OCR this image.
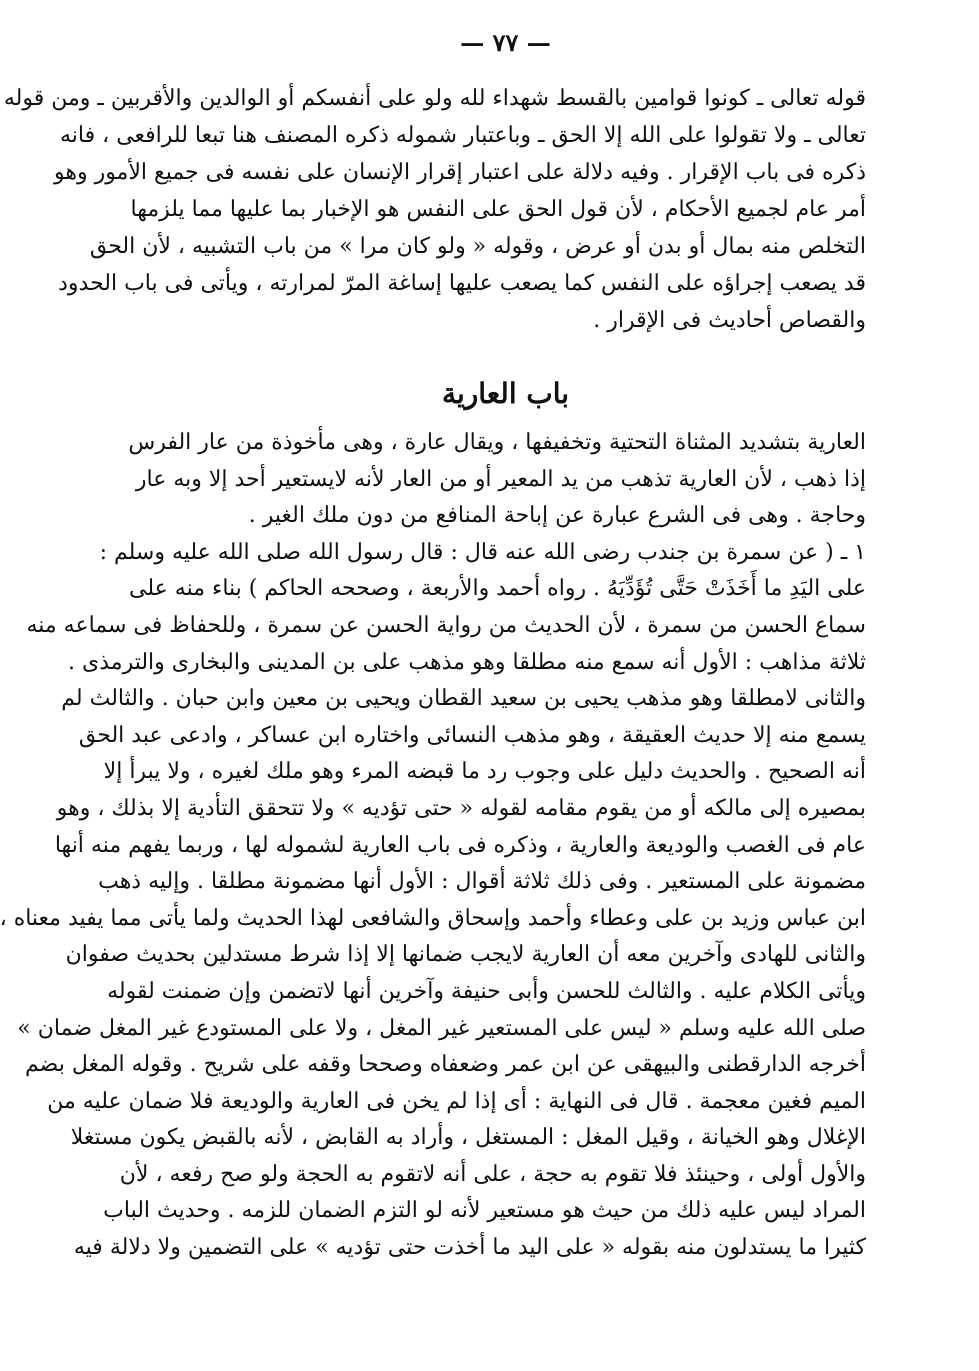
— ٧٧ —
قوله تعالى ـ كونوا قوامين بالقسط شهداء لله ولو على أنفسكم أو الوالدين والأقربين ـ ومن قوله
تعالى ـ ولا تقولوا على الله إلا الحق ـ وباعتبار شموله ذكره المصنف هنا تبعا للرافعى ، فانه
ذكره فى باب الإقرار . وفيه دلالة على اعتبار إقرار الإنسان على نفسه فى جميع الأمور وهو
أمر عام لجميع الأحكام ، لأن قول الحق على النفس هو الإخبار بما عليها مما يلزمها
التخلص منه بمال أو بدن أو عرض ، وقوله « ولو كان مرا » من باب التشبيه ، لأن الحق
قد يصعب إجراؤه على النفس كما يصعب عليها إساغة المرّ لمرارته ، ويأتى فى باب الحدود
والقصاص أحاديث فى الإقرار .
باب العارية
العارية بتشديد المثناة التحتية وتخفيفها ، ويقال عارة ، وهى مأخوذة من عار الفرس
إذا ذهب ، لأن العارية تذهب من يد المعير أو من العار لأنه لايستعير أحد إلا وبه عار
وحاجة . وهى فى الشرع عبارة عن إباحة المنافع من دون ملك الغير .
١ ـ ( عن سمرة بن جندب رضى الله عنه قال : قال رسول الله صلى الله عليه وسلم :
على اليَدِ ما أَخَذَتْ حَتَّى تُؤَدِّيَهُ . رواه أحمد والأربعة ، وصححه الحاكم ) بناء منه على
سماع الحسن من سمرة ، لأن الحديث من رواية الحسن عن سمرة ، وللحفاظ فى سماعه منه
ثلاثة مذاهب : الأول أنه سمع منه مطلقا وهو مذهب على بن المدينى والبخارى والترمذى .
والثانى لامطلقا وهو مذهب يحيى بن سعيد القطان ويحيى بن معين وابن حبان . والثالث لم
يسمع منه إلا حديث العقيقة ، وهو مذهب النسائى واختاره ابن عساكر ، وادعى عبد الحق
أنه الصحيح . والحديث دليل على وجوب رد ما قبضه المرء وهو ملك لغيره ، ولا يبرأ إلا
بمصيره إلى مالكه أو من يقوم مقامه لقوله « حتى تؤديه » ولا تتحقق التأدية إلا بذلك ، وهو
عام فى الغصب والوديعة والعارية ، وذكره فى باب العارية لشموله لها ، وربما يفهم منه أنها
مضمونة على المستعير . وفى ذلك ثلاثة أقوال : الأول أنها مضمونة مطلقا . وإليه ذهب
ابن عباس وزيد بن على وعطاء وأحمد وإسحاق والشافعى لهذا الحديث ولما يأتى مما يفيد معناه ،
والثانى للهادى وآخرين معه أن العارية لايجب ضمانها إلا إذا شرط مستدلين بحديث صفوان
ويأتى الكلام عليه . والثالث للحسن وأبى حنيفة وآخرين أنها لاتضمن وإن ضمنت لقوله
صلى الله عليه وسلم « ليس على المستعير غير المغل ، ولا على المستودع غير المغل ضمان »
أخرجه الدارقطنى والبيهقى عن ابن عمر وضعفاه وصححا وقفه على شريح . وقوله المغل بضم
الميم فغين معجمة . قال فى النهاية : أى إذا لم يخن فى العارية والوديعة فلا ضمان عليه من
الإغلال وهو الخيانة ، وقيل المغل : المستغل ، وأراد به القابض ، لأنه بالقبض يكون مستغلا
والأول أولى ، وحينئذ فلا تقوم به حجة ، على أنه لاتقوم به الحجة ولو صح رفعه ، لأن
المراد ليس عليه ذلك من حيث هو مستعير لأنه لو التزم الضمان للزمه . وحديث الباب
كثيرا ما يستدلون منه بقوله « على اليد ما أخذت حتى تؤديه » على التضمين ولا دلالة فيه
